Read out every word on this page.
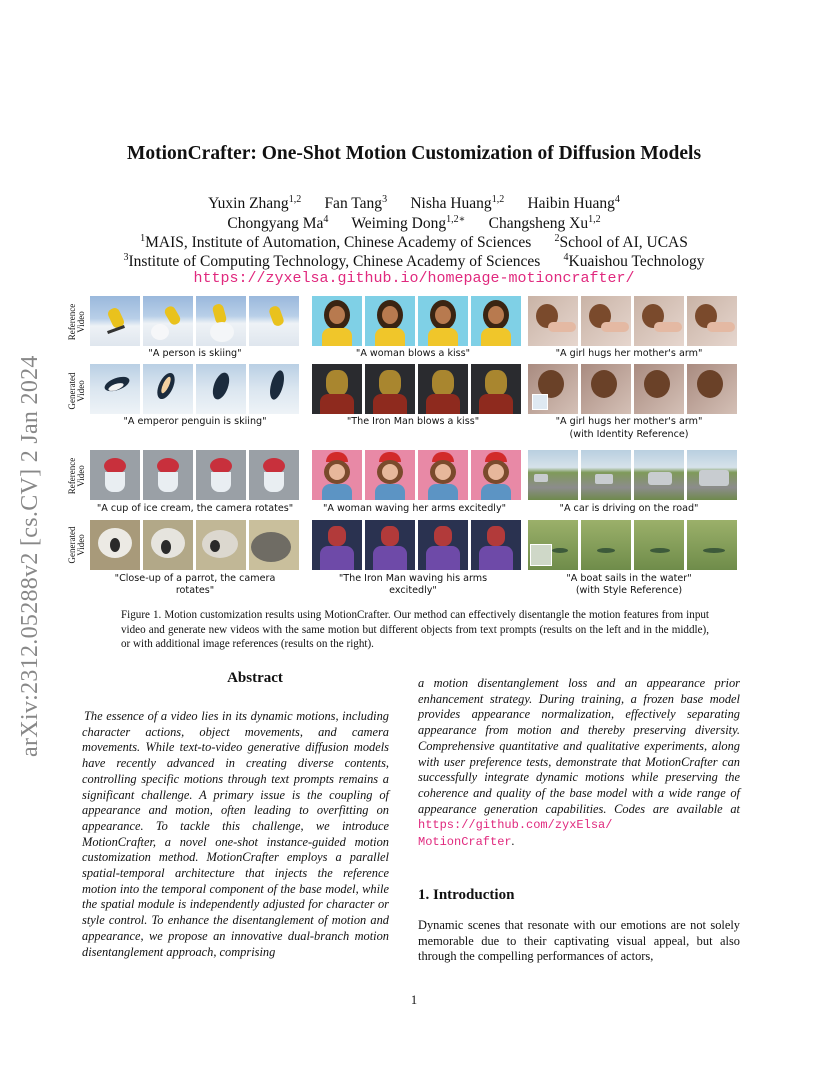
arXiv:2312.05288v2 [cs.CV] 2 Jan 2024
MotionCrafter: One-Shot Motion Customization of Diffusion Models
Yuxin Zhang$^{1,2}$      Fan Tang$^3$      Nisha Huang$^{1,2}$      Haibin Huang$^4$
Chongyang Ma$^4$      Weiming Dong$^{1,2∗}$      Changsheng Xu$^{1,2}$
$^1$MAIS, Institute of Automation, Chinese Academy of Sciences      $^2$School of AI, UCAS
$^3$Institute of Computing Technology, Chinese Academy of Sciences      $^4$Kuaishou Technology
https://zyxelsa.github.io/homepage-motioncrafter/
Reference Video
Generated Video
Reference Video
Generated Video
"A person is skiing"	"A woman blows a kiss"	"A girl hugs her mother's arm"
"A emperor penguin is skiing"	"The Iron Man blows a kiss"	"A girl hugs her mother's arm"
(with Identity Reference)
"A cup of ice cream, the camera rotates"	"A woman waving her arms excitedly"	"A car is driving on the road"
"Close-up of a parrot, the camera
rotates"
"The Iron Man waving his arms
excitedly"
"A boat sails in the water"
(with Style Reference)
Figure 1. Motion customization results using MotionCrafter. Our method can effectively disentangle the motion features from input video and generate new videos with the same motion but different objects from text prompts (results on the left and in the middle), or with additional image references (results on the right).
Abstract
The essence of a video lies in its dynamic motions, including character actions, object movements, and camera movements. While text-to-video generative diffusion models have recently advanced in creating diverse contents, controlling specific motions through text prompts remains a significant challenge. A primary issue is the coupling of appearance and motion, often leading to overfitting on appearance. To tackle this challenge, we introduce MotionCrafter, a novel one-shot instance-guided motion customization method. MotionCrafter employs a parallel spatial-temporal architecture that injects the reference motion into the temporal component of the base model, while the spatial module is independently adjusted for character or style control. To enhance the disentanglement of motion and appearance, we propose an innovative dual-branch motion disentanglement approach, comprising
a motion disentanglement loss and an appearance prior enhancement strategy. During training, a frozen base model provides appearance normalization, effectively separating appearance from motion and thereby preserving diversity. Comprehensive quantitative and qualitative experiments, along with user preference tests, demonstrate that MotionCrafter can successfully integrate dynamic motions while preserving the coherence and quality of the base model with a wide range of appearance generation capabilities. Codes are available at https://github.com/zyxElsa/
MotionCrafter.
1. Introduction
Dynamic scenes that resonate with our emotions are not solely memorable due to their captivating visual appeal, but also through the compelling performances of actors,
1
